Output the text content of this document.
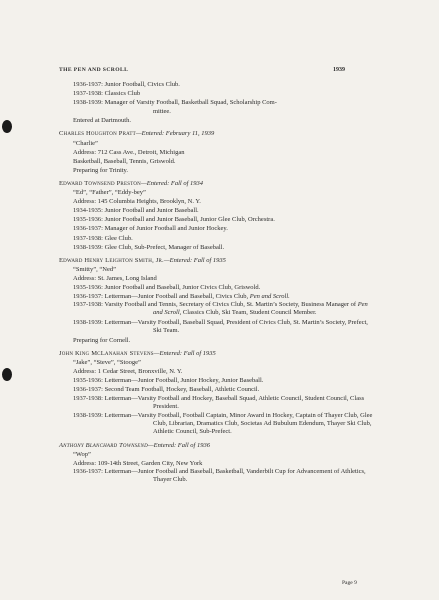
THE PEN AND SCROLL	1939
1936-1937: Junior Football, Civics Club.
1937-1938: Classics Club
1938-1939: Manager of Varsity Football, Basketball Squad, Scholarship Com-
mittee.
Entered at Dartmouth.
Charles Houghton Pratt—Entered: February 11, 1939
“Charlie”
Address: 712 Cass Ave., Detroit, Michigan
Basketball, Baseball, Tennis, Griswold.
Preparing for Trinity.
Edward Townsend Preston—Entered: Fall of 1934
“Ed”, “Father”, “Eddy-bey”
Address: 145 Columbia Heights, Brooklyn, N. Y.
1934-1935: Junior Football and Junior Baseball.
1935-1936: Junior Football and Junior Baseball, Junior Glee Club, Orchestra.
1936-1937: Manager of Junior Football and Junior Hockey.
1937-1938: Glee Club.
1938-1939: Glee Club, Sub-Prefect, Manager of Baseball.
Edward Henry Leighton Smith, Jr.—Entered: Fall of 1935
“Smitty”, “Ned”
Address: St. James, Long Island
1935-1936: Junior Football and Baseball, Junior Civics Club, Griswold.
1936-1937: Letterman—Junior Football and Baseball, Civics Club, Pen and Scroll.
1937-1938: Varsity Football and Tennis, Secretary of Civics Club, St. Martin’s Society, Business Manager of Pen and Scroll, Classics Club, Ski Team, Student Council Member.
1938-1939: Letterman—Varsity Football, Baseball Squad, President of Civics Club, St. Martin’s Society, Prefect, Ski Team.
Preparing for Cornell.
John King McLanahan Stevens—Entered: Fall of 1935
“Jake”, “Steve”, “Stooge”
Address: 1 Cedar Street, Bronxville, N. Y.
1935-1936: Letterman—Junior Football, Junior Hockey, Junior Baseball.
1936-1937: Second Team Football, Hockey, Baseball, Athletic Council.
1937-1938: Letterman—Varsity Football and Hockey, Baseball Squad, Athletic Council, Student Council, Class President.
1938-1939: Letterman—Varsity Football, Football Captain, Minor Award in Hockey, Captain of Thayer Club, Glee Club, Librarian, Dramatics Club, Societas Ad Bubulum Edendum, Thayer Ski Club, Athletic Council, Sub-Prefect.
Anthony Blanchard Townsend—Entered: Fall of 1936
“Wop”
Address: 109-14th Street, Garden City, New York
1936-1937: Letterman—Junior Football and Baseball, Basketball, Vanderbilt Cup for Advancement of Athletics, Thayer Club.
Page 9
